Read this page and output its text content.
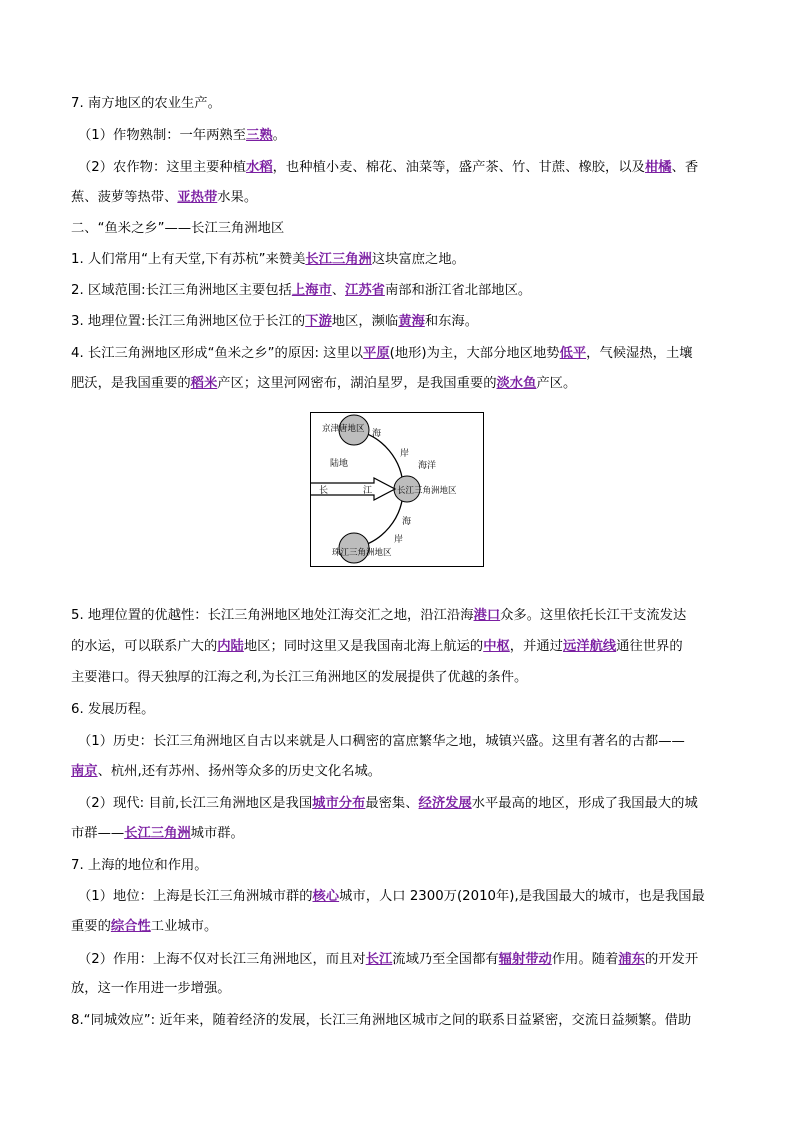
7. 南方地区的农业生产。
（1）作物熟制：一年两熟至三熟。
（2）农作物：这里主要种植水稻，也种植小麦、棉花、油菜等，盛产茶、竹、甘蔗、橡胶，以及柑橘、香
蕉、菠萝等热带、亚热带水果。
二、“鱼米之乡”——长江三角洲地区
1. 人们常用“上有天堂,下有苏杭”来赞美长江三角洲这块富庶之地。
2. 区域范围:长江三角洲地区主要包括上海市、江苏省南部和浙江省北部地区。
3. 地理位置:长江三角洲地区位于长江的下游地区，濒临黄海和东海。
4. 长江三角洲地区形成“鱼米之乡”的原因: 这里以平原(地形)为主，大部分地区地势低平，气候湿热，土壤
肥沃，是我国重要的稻米产区；这里河网密布，湖泊星罗，是我国重要的淡水鱼产区。
5. 地理位置的优越性：长江三角洲地区地处江海交汇之地，沿江沿海港口众多。这里依托长江干支流发达
的水运，可以联系广大的内陆地区；同时这里又是我国南北海上航运的中枢，并通过远洋航线通往世界的
主要港口。得天独厚的江海之利,为长江三角洲地区的发展提供了优越的条件。
6. 发展历程。
（1）历史：长江三角洲地区自古以来就是人口稠密的富庶繁华之地，城镇兴盛。这里有著名的古都——
南京、杭州,还有苏州、扬州等众多的历史文化名城。
（2）现代: 目前,长江三角洲地区是我国城市分布最密集、经济发展水平最高的地区，形成了我国最大的城
市群——长江三角洲城市群。
7. 上海的地位和作用。
（1）地位：上海是长江三角洲城市群的核心城市，人口 2300万(2010年),是我国最大的城市，也是我国最
重要的综合性工业城市。
（2）作用：上海不仅对长江三角洲地区，而且对长江流域乃至全国都有辐射带动作用。随着浦东的开发开
放，这一作用进一步增强。
8.“同城效应”: 近年来，随着经济的发展，长江三角洲地区城市之间的联系日益紧密，交流日益频繁。借助
京津唐地区
陆地
海
岸
海洋
长	江	长江三角洲地区
海
岸
珠江三角洲地区
